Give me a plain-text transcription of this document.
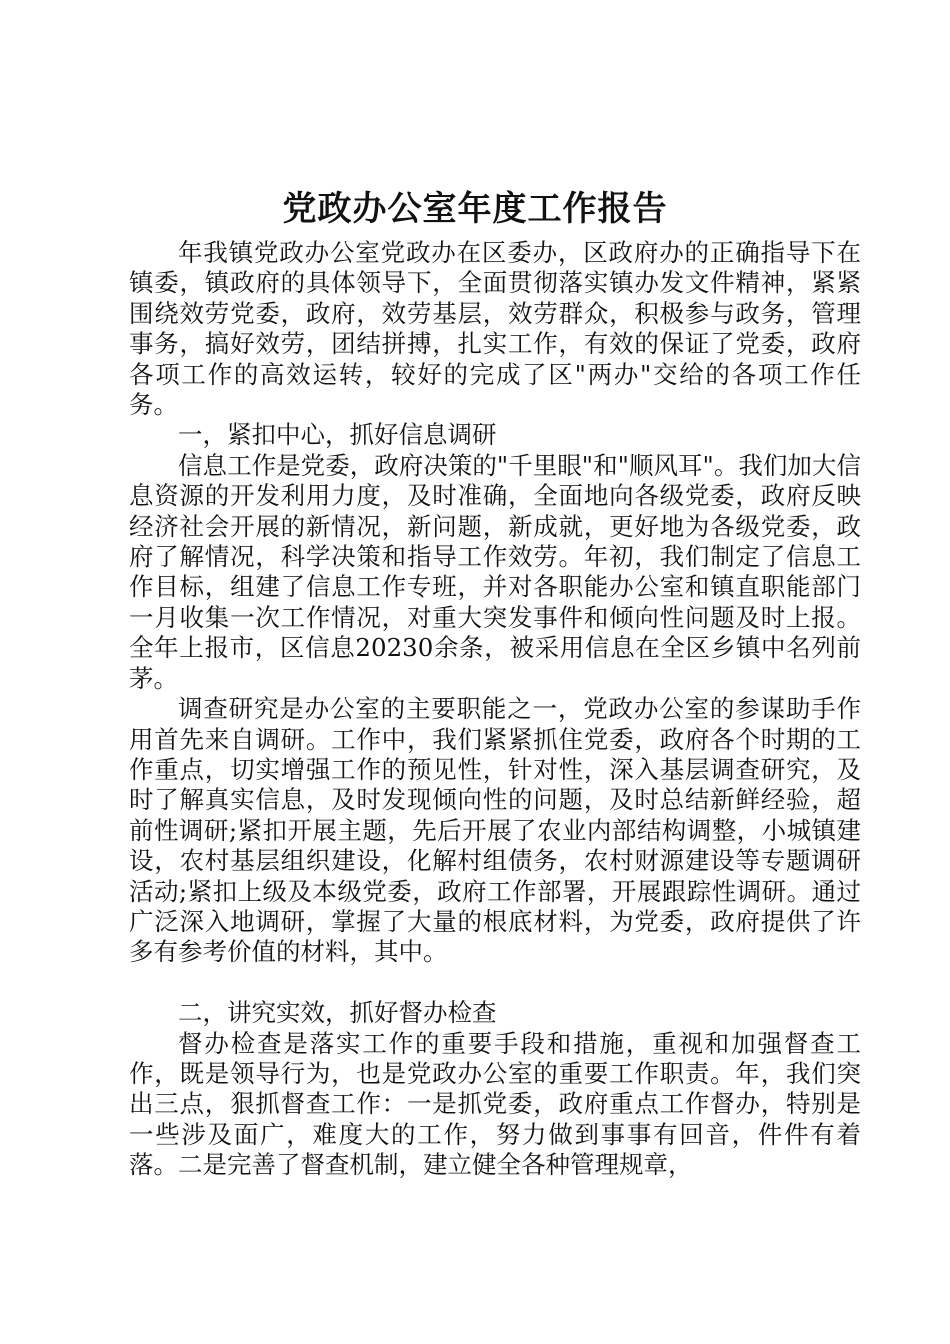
党政办公室年度工作报告

年我镇党政办公室党政办在区委办，区政府办的正确指导下在镇委，镇政府的具体领导下，全面贯彻落实镇办发文件精神，紧紧围绕效劳党委，政府，效劳基层，效劳群众，积极参与政务，管理事务，搞好效劳，团结拼搏，扎实工作，有效的保证了党委，政府各项工作的高效运转，较好的完成了区"两办"交给的各项工作任务。

一，紧扣中心，抓好信息调研

信息工作是党委，政府决策的"千里眼"和"顺风耳"。我们加大信息资源的开发利用力度，及时准确，全面地向各级党委，政府反映经济社会开展的新情况，新问题，新成就，更好地为各级党委，政府了解情况，科学决策和指导工作效劳。年初，我们制定了信息工作目标，组建了信息工作专班，并对各职能办公室和镇直职能部门一月收集一次工作情况，对重大突发事件和倾向性问题及时上报。全年上报市，区信息20230余条，被采用信息在全区乡镇中名列前茅。

调查研究是办公室的主要职能之一，党政办公室的参谋助手作用首先来自调研。工作中，我们紧紧抓住党委，政府各个时期的工作重点，切实增强工作的预见性，针对性，深入基层调查研究，及时了解真实信息，及时发现倾向性的问题，及时总结新鲜经验，超前性调研;紧扣开展主题，先后开展了农业内部结构调整，小城镇建设，农村基层组织建设，化解村组债务，农村财源建设等专题调研活动;紧扣上级及本级党委，政府工作部署，开展跟踪性调研。通过广泛深入地调研，掌握了大量的根底材料，为党委，政府提供了许多有参考价值的材料，其中。

二，讲究实效，抓好督办检查

督办检查是落实工作的重要手段和措施，重视和加强督查工作，既是领导行为，也是党政办公室的重要工作职责。年，我们突出三点，狠抓督查工作：一是抓党委，政府重点工作督办，特别是一些涉及面广，难度大的工作，努力做到事事有回音，件件有着落。二是完善了督查机制，建立健全各种管理规章，
